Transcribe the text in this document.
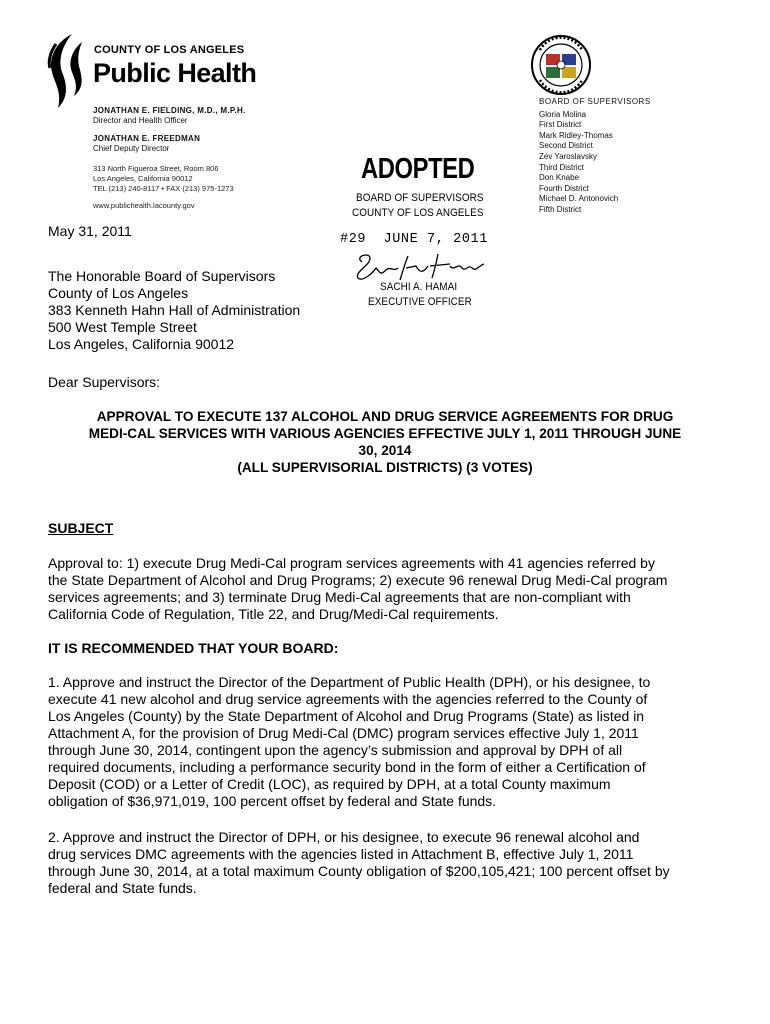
COUNTY OF LOS ANGELES
Public Health
JONATHAN E. FIELDING, M.D., M.P.H.
Director and Health Officer
JONATHAN E. FREEDMAN
Chief Deputy Director
313 North Figueroa Street, Room 806
Los Angeles, California 90012
TEL (213) 240-8117 • FAX (213) 975-1273
www.publichealth.lacounty.gov
BOARD OF SUPERVISORS
Gloria Molina
First District
Mark Ridley-Thomas
Second District
Zev Yaroslavsky
Third District
Don Knabe
Fourth District
Michael D. Antonovich
Fifth District
ADOPTED
BOARD OF SUPERVISORS
COUNTY OF LOS ANGELES
#29  JUNE 7, 2011
SACHI A. HAMAI
EXECUTIVE OFFICER
May 31, 2011
The Honorable Board of Supervisors
County of Los Angeles
383 Kenneth Hahn Hall of Administration
500 West Temple Street
Los Angeles, California 90012
Dear Supervisors:
APPROVAL TO EXECUTE 137 ALCOHOL AND DRUG SERVICE AGREEMENTS FOR DRUG
MEDI-CAL SERVICES WITH VARIOUS AGENCIES EFFECTIVE JULY 1, 2011 THROUGH JUNE
30, 2014
(ALL SUPERVISORIAL DISTRICTS) (3 VOTES)
SUBJECT
Approval to: 1) execute Drug Medi-Cal program services agreements with 41 agencies referred by
the State Department of Alcohol and Drug Programs; 2) execute 96 renewal Drug Medi-Cal program
services agreements; and 3) terminate Drug Medi-Cal agreements that are non-compliant with
California Code of Regulation, Title 22, and Drug/Medi-Cal requirements.
IT IS RECOMMENDED THAT YOUR BOARD:
1. Approve and instruct the Director of the Department of Public Health (DPH), or his designee, to
execute 41 new alcohol and drug service agreements with the agencies referred to the County of
Los Angeles (County) by the State Department of Alcohol and Drug Programs (State) as listed in
Attachment A, for the provision of Drug Medi-Cal (DMC) program services effective July 1, 2011
through June 30, 2014, contingent upon the agency’s submission and approval by DPH of all
required documents, including a performance security bond in the form of either a Certification of
Deposit (COD) or a Letter of Credit (LOC), as required by DPH, at a total County maximum
obligation of $36,971,019, 100 percent offset by federal and State funds.
2. Approve and instruct the Director of DPH, or his designee, to execute 96 renewal alcohol and
drug services DMC agreements with the agencies listed in Attachment B, effective July 1, 2011
through June 30, 2014, at a total maximum County obligation of $200,105,421; 100 percent offset by
federal and State funds.
